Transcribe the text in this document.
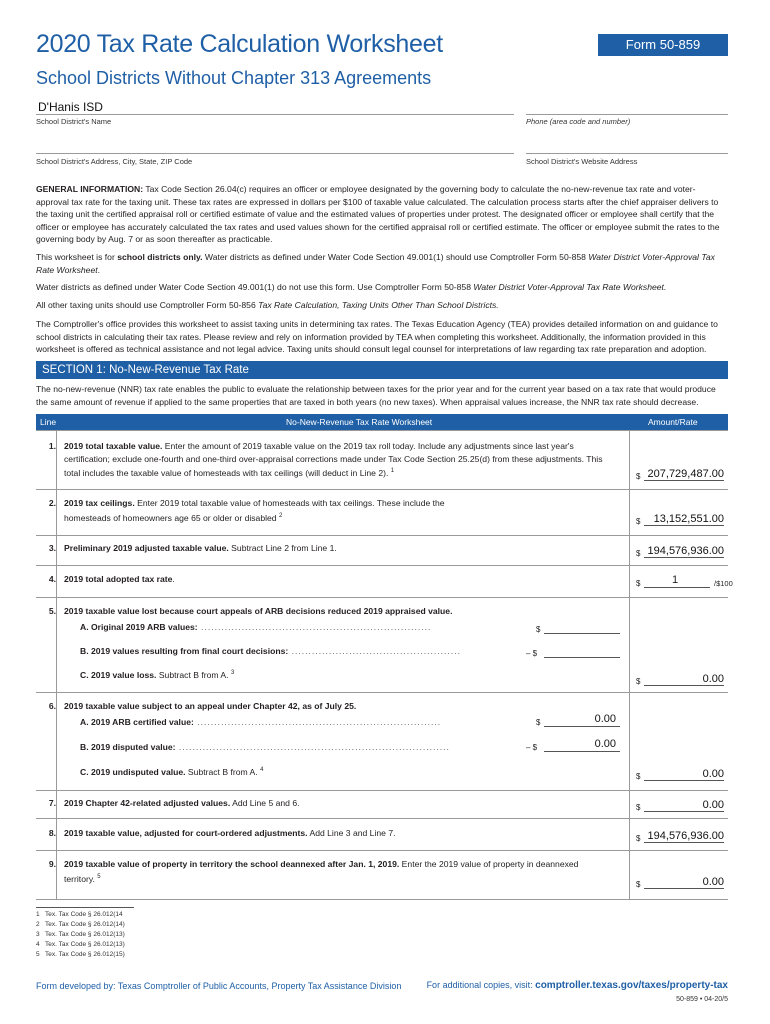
2020 Tax Rate Calculation Worksheet	Form 50-859
School Districts Without Chapter 313 Agreements
D'Hanis ISD
School District's Name	Phone (area code and number)
School District's Address, City, State, ZIP Code	School District's Website Address
GENERAL INFORMATION: Tax Code Section 26.04(c) requires an officer or employee designated by the governing body to calculate the no-new-revenue tax rate and voter-approval tax rate for the taxing unit. These tax rates are expressed in dollars per $100 of taxable value calculated. The calculation process starts after the chief appraiser delivers to the taxing unit the certified appraisal roll or certified estimate of value and the estimated values of properties under protest. The designated officer or employee shall certify that the officer or employee has accurately calculated the tax rates and used values shown for the certified appraisal roll or certified estimate. The officer or employee submit the rates to the governing body by Aug. 7 or as soon thereafter as practicable.
This worksheet is for school districts only. Water districts as defined under Water Code Section 49.001(1) should use Comptroller Form 50-858 Water District Voter-Approval Tax Rate Worksheet.
Water districts as defined under Water Code Section 49.001(1) do not use this form. Use Comptroller Form 50-858 Water District Voter-Approval Tax Rate Worksheet.
All other taxing units should use Comptroller Form 50-856 Tax Rate Calculation, Taxing Units Other Than School Districts.
The Comptroller's office provides this worksheet to assist taxing units in determining tax rates. The Texas Education Agency (TEA) provides detailed information on and guidance to school districts in calculating their tax rates. Please review and rely on information provided by TEA when completing this worksheet. Additionally, the information provided in this worksheet is offered as technical assistance and not legal advice. Taxing units should consult legal counsel for interpretations of law regarding tax rate preparation and adoption.
SECTION 1: No-New-Revenue Tax Rate
The no-new-revenue (NNR) tax rate enables the public to evaluate the relationship between taxes for the prior year and for the current year based on a tax rate that would produce the same amount of revenue if applied to the same properties that are taxed in both years (no new taxes). When appraisal values increase, the NNR tax rate should decrease.
Line	No-New-Revenue Tax Rate Worksheet	Amount/Rate
1. 2019 total taxable value. Enter the amount of 2019 taxable value on the 2019 tax roll today. Include any adjustments since last year's certification; exclude one-fourth and one-third over-appraisal corrections made under Tax Code Section 25.25(d) from these adjustments. This total includes the taxable value of homesteads with tax ceilings (will deduct in Line 2). $^1$
$ 207,729,487.00
2. 2019 tax ceilings. Enter 2019 total taxable value of homesteads with tax ceilings. These include the homesteads of homeowners age 65 or older or disabled $^2$
$ 13,152,551.00
3. Preliminary 2019 adjusted taxable value. Subtract Line 2 from Line 1.
$ 194,576,936.00
4. 2019 total adopted tax rate.	$	1	/$100
5. 2019 taxable value lost because court appeals of ARB decisions reduced 2019 appraised value.
A. Original 2019 ARB values: ....................................................................	$
B. 2019 values resulting from final court decisions: ..................................................	– $
C. 2019 value loss. Subtract B from A. $^3$
$	0.00
6. 2019 taxable value subject to an appeal under Chapter 42, as of July 25.
A. 2019 ARB certified value: ........................................................................	$	0.00
B. 2019 disputed value: ................................................................................	– $	0.00
C. 2019 undisputed value. Subtract B from A. $^4$
$	0.00
7. 2019 Chapter 42-related adjusted values. Add Line 5 and 6.	$	0.00
8. 2019 taxable value, adjusted for court-ordered adjustments. Add Line 3 and Line 7.
$ 194,576,936.00
9. 2019 taxable value of property in territory the school deannexed after Jan. 1, 2019. Enter the 2019 value of property in deannexed territory. $^5$
$	0.00
1 Tex. Tax Code § 26.012(14
2 Tex. Tax Code § 26.012(14)
3 Tex. Tax Code § 26.012(13)
4 Tex. Tax Code § 26.012(13)
5 Tex. Tax Code § 26.012(15)
Form developed by: Texas Comptroller of Public Accounts, Property Tax Assistance Division	For additional copies, visit: comptroller.texas.gov/taxes/property-tax
50-859 • 04-20/5
